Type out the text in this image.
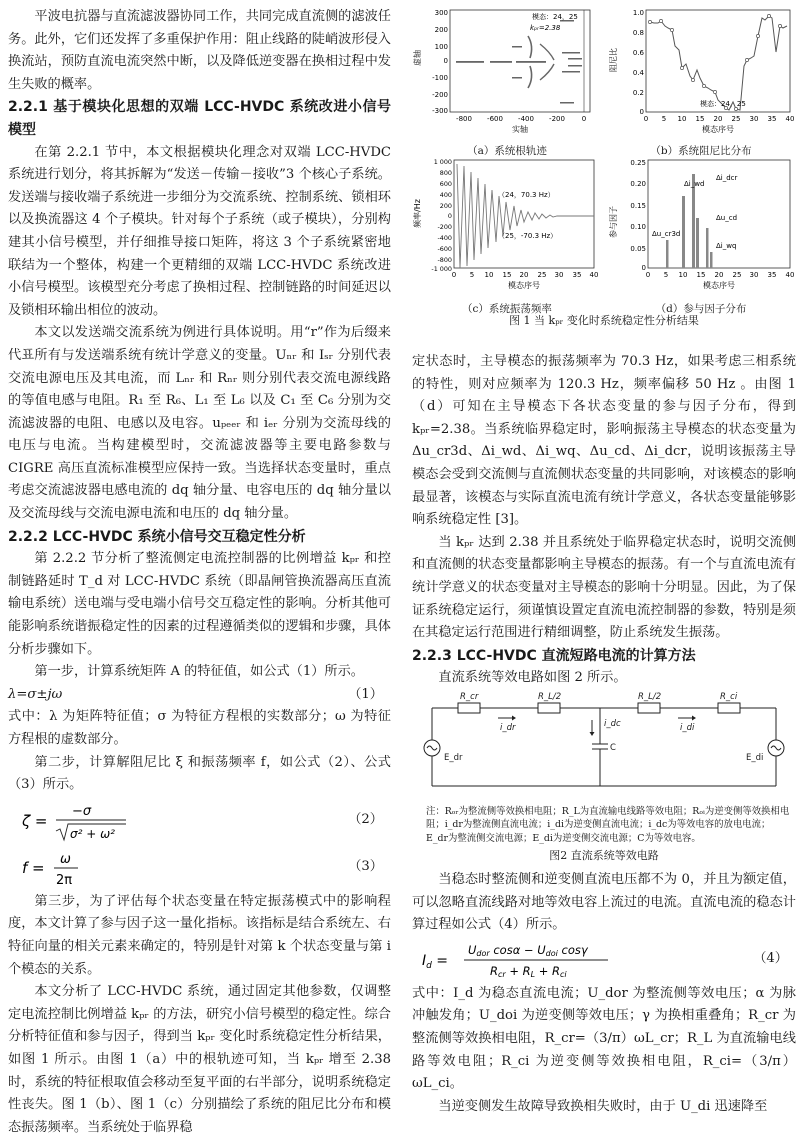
平波电抗器与直流滤波器协同工作，共同完成直流侧的滤波任务。此外，它们还发挥了多重保护作用：阻止线路的陡峭波形侵入换流站，预防直流电流突然中断，以及降低逆变器在换相过程中发生失败的概率。

2.2.1 基于模块化思想的双端 LCC-HVDC 系统改进小信号模型

在第 2.2.1 节中，本文根据模块化理念对双端 LCC-HVDC 系统进行划分，将其拆解为“发送－传输－接收”3 个核心子系统。发送端与接收端子系统进一步细分为交流系统、控制系统、锁相环以及换流器这 4 个子模块。针对每个子系统（或子模块），分别构建其小信号模型，并仔细推导接口矩阵，将这 3 个子系统紧密地联结为一个整体，构建一个更精细的双端 LCC-HVDC 系统改进小信号模型。该模型充分考虑了换相过程、控制链路的时间延迟以及锁相环输出相位的波动。

本文以发送端交流系统为例进行具体说明。用“r”作为后缀来代표所有与发送端系统有统计学意义的变量。Uₙᵣ 和 Iₛᵣ 分别代表交流电源电压及其电流，而 Lₙᵣ 和 Rₙᵣ 则分别代表交流电源线路的等值电感与电阻。R₁ 至 R₆、L₁ 至 L₆ 以及 C₁ 至 C₆ 分别为交流滤波器的电阻、电感以及电容。uₚₑₑᵣ 和 iₑᵣ 分别为交流母线的电压与电流。当构建模型时，交流滤波器等主要电路参数与 CIGRE 高压直流标准模型应保持一致。当选择状态变量时，重点考虑交流滤波器电感电流的 dq 轴分量、电容电压的 dq 轴分量以及交流母线与交流电源电流和电压的 dq 轴分量。

2.2.2 LCC-HVDC 系统小信号交互稳定性分析

第 2.2.2 节分析了整流侧定电流控制器的比例增益 kₚᵣ 和控制链路延时 T_d 对 LCC-HVDC 系统（即晶闸管换流器高压直流输电系统）送电端与受电端小信号交互稳定性的影响。分析其他可能影响系统谐振稳定性的因素的过程遵循类似的逻辑和步骤，具体分析步骤如下。

第一步，计算系统矩阵 A 的特征值，如公式（1）所示。

λ=σ±jω	（1）

式中：λ 为矩阵特征值；σ 为特征方程根的实数部分；ω 为特征方程根的虚数部分。

第二步，计算解阻尼比 ξ 和振荡频率 f，如公式（2）、公式（3）所示。

ζ =
−σ
σ² + ω²
（2）
f = ω
2π
（3）

第三步，为了评估每个状态变量在特定振荡模式中的影响程度，本文计算了参与因子这一量化指标。该指标是结合系统左、右特征向量的相关元素来确定的，特别是针对第 k 个状态变量与第 i 个模态的关系。

本文分析了 LCC-HVDC 系统，通过固定其他参数，仅调整定电流控制比例增益 kₚᵣ 的方法，研究小信号模型的稳定性。综合分析特征值和参与因子，得到当 kₚᵣ 变化时系统稳定性分析结果，如图 1 所示。由图 1（a）中的根轨迹可知，当 kₚᵣ 增至 2.38 时，系统的特征根取值会移动至复平面的右半部分，说明系统稳定性丧失。图 1（b）、图 1（c）分别描绘了系统的阻尼比分布和模态振荡频率。当系统处于临界稳

虚轴
300
200
100
0
-100
-200
-300
-800 -600 -400 -200 0
实轴
模态：24，25
kₚᵣ=2.38
（a）系统根轨迹
阻尼比
1.0
0.8
0.6
0.4
0.2
0
0 5 10 15 20 25 30 35 40
模态序号
模态：24，25
（b）系统阻尼比分布
频率/Hz
1 000
800
600
400
200
0
-200
-400
-600
-800
-1 000
0 5 10 15 20 25 30 35 40
模态序号
（24，70.3 Hz）
（25，-70.3 Hz）
（c）系统振荡频率
参与因子
0.25
0.20
0.15
0.10
0.05
0
0 5 10 15 20 25 30 35 40
模态序号
Δi_dcr
Δi_wd
Δu_cr3d
Δu_cd
Δi_wq
（d）参与因子分布
图 1 当 kₚᵣ 变化时系统稳定性分析结果

定状态时，主导模态的振荡频率为 70.3 Hz，如果考虑三相系统的特性，则对应频率为 120.3 Hz，频率偏移 50 Hz 。由图 1（d）可知在主导模态下各状态变量的参与因子分布，得到 kₚᵣ=2.38。当系统临界稳定时，影响振荡主导模态的状态变量为 Δu_cr3d、Δi_wd、Δi_wq、Δu_cd、Δi_dcr，说明该振荡主导模态会受到交流侧与直流侧状态变量的共同影响，对该模态的影响最显著，该模态与实际直流电流有统计学意义，各状态变量能够影响系统稳定性 [3]。

当 kₚᵣ 达到 2.38 并且系统处于临界稳定状态时，说明交流侧和直流侧的状态变量都影响主导模态的振荡。有一个与直流电流有统计学意义的状态变量对主导模态的影响十分明显。因此，为了保证系统稳定运行，须谨慎设置定直流电流控制器的参数，特别是须在其稳定运行范围进行精细调整，防止系统发生振荡。

2.2.3 LCC-HVDC 直流短路电流的计算方法

直流系统等效电路如图 2 所示。

R_cr	R_L/2	R_L/2	R_ci
i_dr	i_dc	i_di
C
E_dr	E_di
注：Rₒᵣ为整流侧等效换相电阻；R_L为直流输电线路等效电阻；Rₒᵢ为逆变侧等效换相电阻；i_dr为整流侧直流电流；i_di为逆变侧直流电流；i_dc为等效电容的放电电流；E_dr为整流侧交流电源；E_di为逆变侧交流电源；C为等效电容。
图2 直流系统等效电路

当稳态时整流侧和逆变侧直流电压都不为 0，并且为额定值，可以忽略直流线路对地等效电容上流过的电流。直流电流的稳态计算过程如公式（4）所示。

$I_d$ =
Udor cosα − Udoi cosγ
Rcr + RL + Rci
（4）

式中：I_d 为稳态直流电流；U_dor 为整流侧等效电压；α 为脉冲触发角；U_doi 为逆变侧等效电压；γ 为换相重叠角；R_cr 为整流侧等效换相电阻，R_cr=（3/π）ωL_cr；R_L 为直流输电线路等效电阻；R_ci 为逆变侧等效换相电阻，R_ci=（3/π）ωL_ci。

当逆变侧发生故障导致换相失败时，由于 U_di 迅速降至
